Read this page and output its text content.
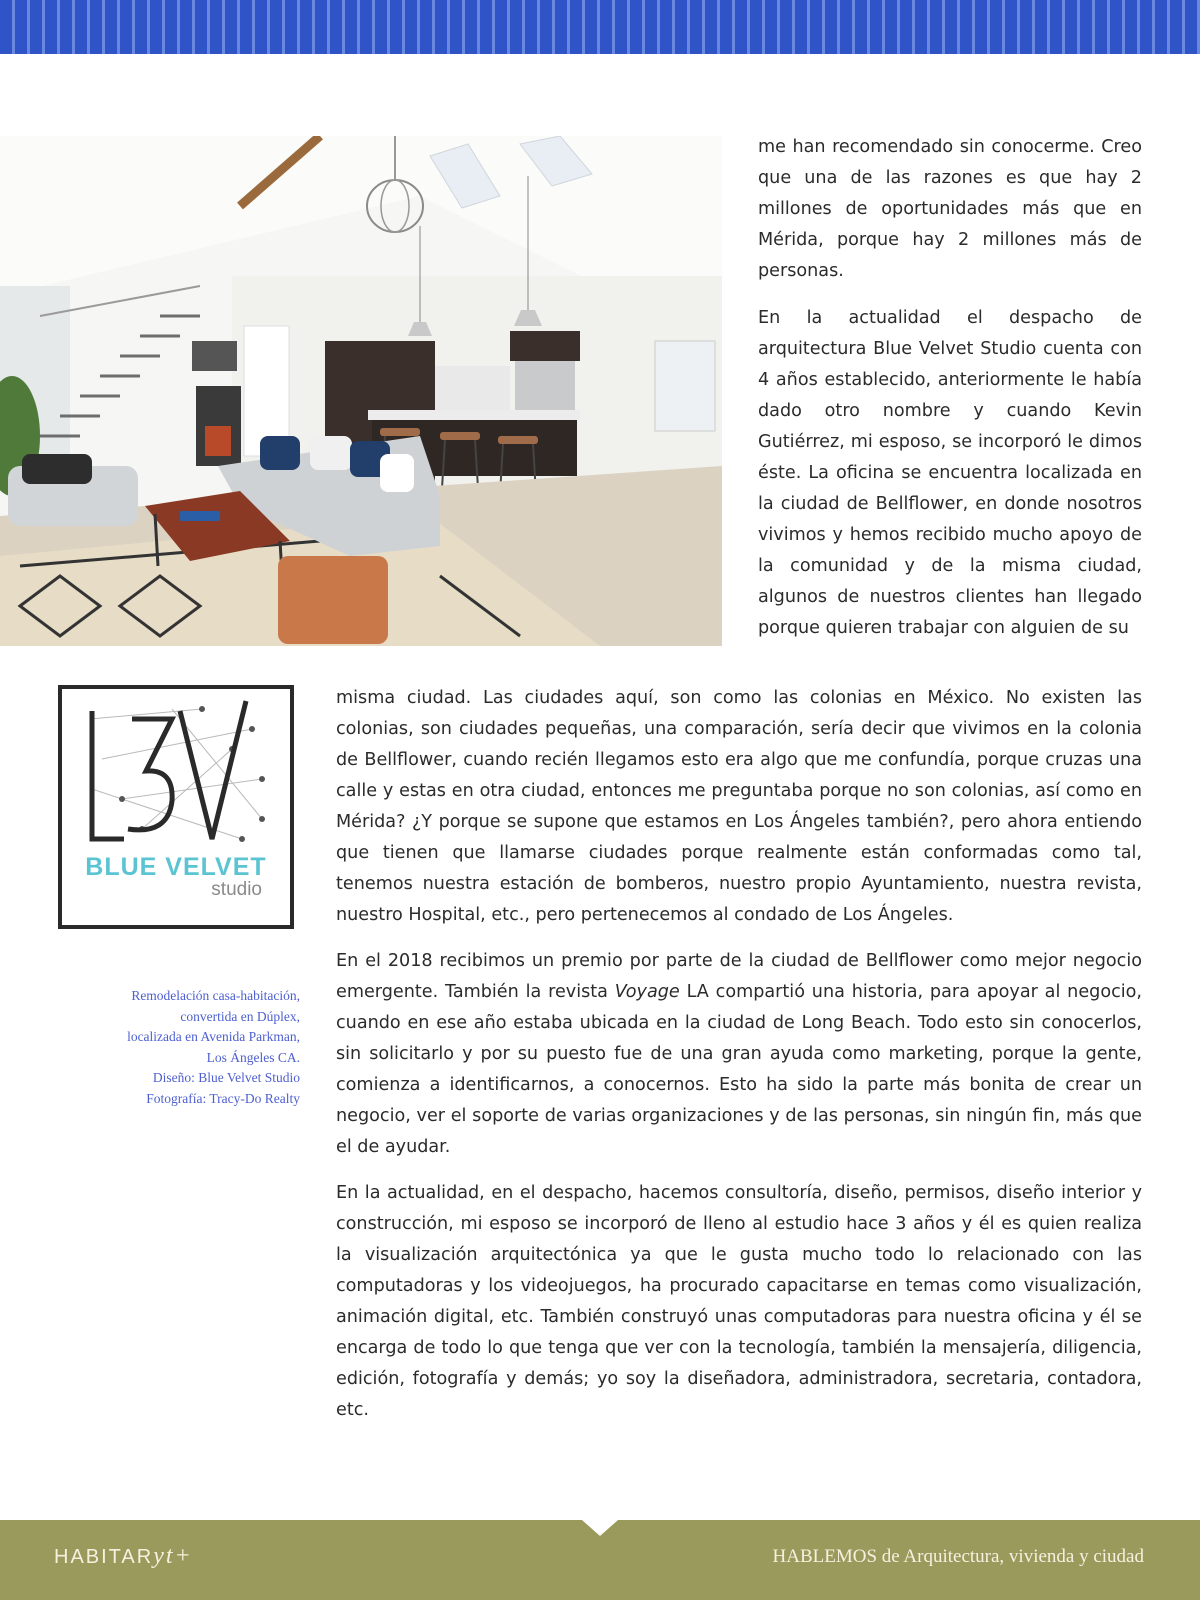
me han recomendado sin conocerme. Creo que una de las razones es que hay 2 millones de oportunidades más que en Mérida, porque hay 2 millones más de personas.

En la actualidad el despacho de arquitectura Blue Velvet Studio cuenta con 4 años establecido, anteriormente le había dado otro nombre y cuando Kevin Gutiérrez, mi esposo, se incorporó le dimos éste. La oficina se encuentra localizada en la ciudad de Bellflower, en donde nosotros vivimos y hemos recibido mucho apoyo de la comunidad y de la misma ciudad, algunos de nuestros clientes han llegado porque quieren trabajar con alguien de su

BLUE VELVET
studio
Remodelación casa-habitación,
convertida en Dúplex,
localizada en Avenida Parkman,
Los Ángeles CA.
Diseño: Blue Velvet Studio
Fotografía: Tracy-Do Realty

misma ciudad. Las ciudades aquí, son como las colonias en México. No existen las colonias, son ciudades pequeñas, una comparación, sería decir que vivimos en la colonia de Bellflower, cuando recién llegamos esto era algo que me confundía, porque cruzas una calle y estas en otra ciudad, entonces me preguntaba porque no son colonias, así como en Mérida? ¿Y porque se supone que estamos en Los Ángeles también?, pero ahora entiendo que tienen que llamarse ciudades porque realmente están conformadas como tal, tenemos nuestra estación de bomberos, nuestro propio Ayuntamiento, nuestra revista, nuestro Hospital, etc., pero pertenecemos al condado de Los Ángeles.

En el 2018 recibimos un premio por parte de la ciudad de Bellflower como mejor negocio emergente. También la revista Voyage LA compartió una historia, para apoyar al negocio, cuando en ese año estaba ubicada en la ciudad de Long Beach. Todo esto sin conocerlos, sin solicitarlo y por su puesto fue de una gran ayuda como marketing, porque la gente, comienza a identificarnos, a conocernos. Esto ha sido la parte más bonita de crear un negocio, ver el soporte de varias organizaciones y de las personas, sin ningún fin, más que el de ayudar.

En la actualidad, en el despacho, hacemos consultoría, diseño, permisos, diseño interior y construcción, mi esposo se incorporó de lleno al estudio hace 3 años y él es quien realiza la visualización arquitectónica ya que le gusta mucho todo lo relacionado con las computadoras y los videojuegos, ha procurado capacitarse en temas como visualización, animación digital, etc. También construyó unas computadoras para nuestra oficina y él se encarga de todo lo que tenga que ver con la tecnología, también la mensajería, diligencia, edición, fotografía y demás; yo soy la diseñadora, administradora, secretaria, contadora, etc.

HABITARyt+	HABLEMOS de Arquitectura, vivienda y ciudad
